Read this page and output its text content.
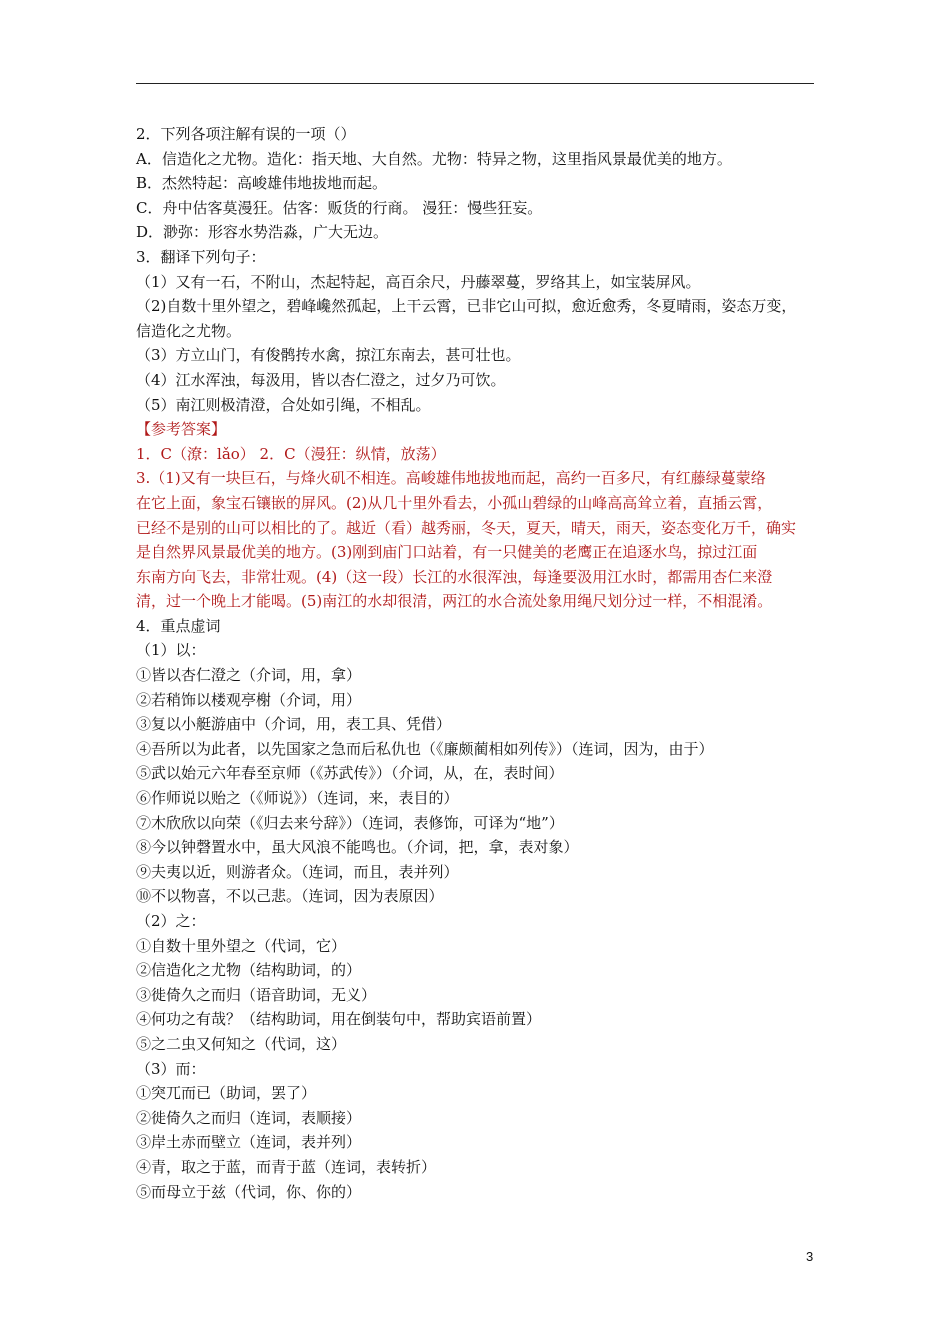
2．下列各项注解有误的一项（）
A．信造化之尤物。造化：指天地、大自然。尤物：特异之物，这里指风景最优美的地方。
B．杰然特起：高峻雄伟地拔地而起。
C．舟中估客莫漫狂。估客：贩货的行商。 漫狂：慢些狂妄。
D．渺弥：形容水势浩淼，广大无边。
3．翻译下列句子：
（1）又有一石，不附山，杰起特起，高百余尺，丹藤翠蔓，罗络其上，如宝装屏风。
（2)自数十里外望之，碧峰巉然孤起，上干云霄，已非它山可拟，愈近愈秀，冬夏晴雨，姿态万变，
信造化之尤物。
（3）方立山门，有俊鹘抟水禽，掠江东南去，甚可壮也。
（4）江水浑浊，每汲用，皆以杏仁澄之，过夕乃可饮。
（5）南江则极清澄，合处如引绳，不相乱。
【参考答案】
1．C（潦：lǎo） 2．C（漫狂：纵情，放荡）
3.（1)又有一块巨石，与烽火矶不相连。高峻雄伟地拔地而起，高约一百多尺，有红藤绿蔓蒙络
在它上面，象宝石镶嵌的屏风。(2)从几十里外看去，小孤山碧绿的山峰高高耸立着，直插云霄，
已经不是别的山可以相比的了。越近（看）越秀丽，冬天，夏天，晴天，雨天，姿态变化万千，确实
是自然界风景最优美的地方。(3)刚到庙门口站着，有一只健美的老鹰正在追逐水鸟，掠过江面
东南方向飞去，非常壮观。(4)（这一段）长江的水很浑浊，每逢要汲用江水时，都需用杏仁来澄
清，过一个晚上才能喝。(5)南江的水却很清，两江的水合流处象用绳尺划分过一样，不相混淆。
4．重点虚词
（1）以：
①皆以杏仁澄之（介词，用，拿）
②若稍饰以楼观亭榭（介词，用）
③复以小艇游庙中（介词，用，表工具、凭借）
④吾所以为此者，以先国家之急而后私仇也（《廉颇蔺相如列传》）（连词，因为，由于）
⑤武以始元六年春至京师（《苏武传》）（介词，从，在，表时间）
⑥作师说以贻之（《师说》）（连词，来，表目的）
⑦木欣欣以向荣（《归去来兮辞》）（连词，表修饰，可译为“地”）
⑧今以钟磬置水中，虽大风浪不能鸣也。（介词，把，拿，表对象）
⑨夫夷以近，则游者众。（连词，而且，表并列）
⑩不以物喜，不以己悲。（连词，因为表原因）
（2）之：
①自数十里外望之（代词，它）
②信造化之尤物（结构助词，的）
③徙倚久之而归（语音助词，无义）
④何功之有哉？（结构助词，用在倒装句中，帮助宾语前置）
⑤之二虫又何知之（代词，这）
（3）而：
①突兀而已（助词，罢了）
②徙倚久之而归（连词，表顺接）
③岸土赤而壁立（连词，表并列）
④青，取之于蓝，而青于蓝（连词，表转折）
⑤而母立于兹（代词，你、你的）
3
